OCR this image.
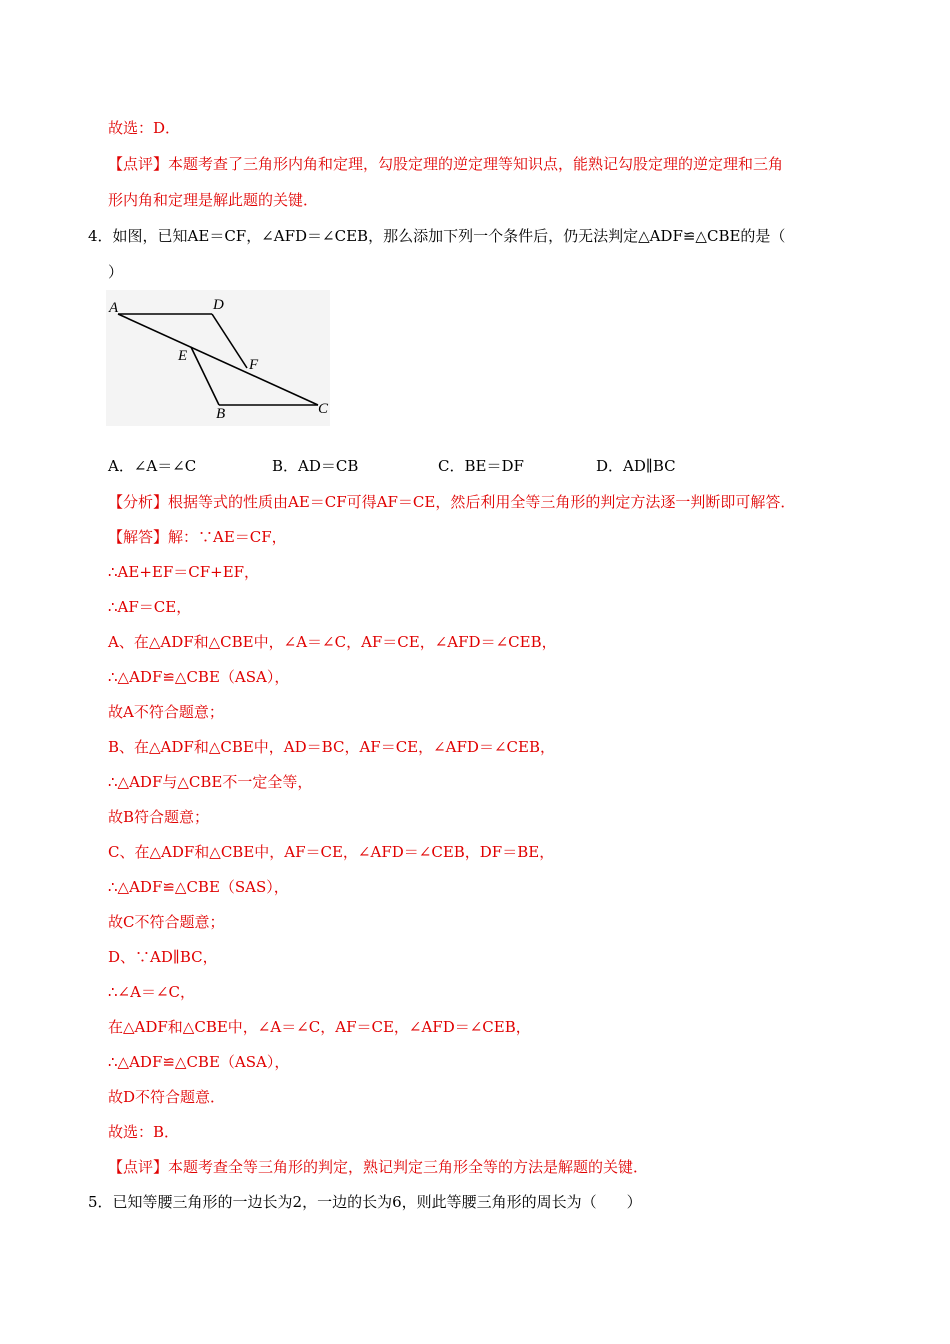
故选：D．
【点评】本题考查了三角形内角和定理，勾股定理的逆定理等知识点，能熟记勾股定理的逆定理和三角
形内角和定理是解此题的关键．
4．如图，已知AE＝CF，∠AFD＝∠CEB，那么添加下列一个条件后，仍无法判定△ADF≌△CBE的是（
）
A	D
E
F
B	C
A．∠A＝∠C	B．AD＝CB	C．BE＝DF	D．AD∥BC
【分析】根据等式的性质由AE＝CF可得AF＝CE，然后利用全等三角形的判定方法逐一判断即可解答．
【解答】解：∵AE＝CF，
∴AE+EF＝CF+EF，
∴AF＝CE，
A、在△ADF和△CBE中，∠A＝∠C，AF＝CE，∠AFD＝∠CEB，
∴△ADF≌△CBE（ASA），
故A不符合题意；
B、在△ADF和△CBE中，AD＝BC，AF＝CE，∠AFD＝∠CEB，
∴△ADF与△CBE不一定全等，
故B符合题意；
C、在△ADF和△CBE中，AF＝CE，∠AFD＝∠CEB，DF＝BE，
∴△ADF≌△CBE（SAS），
故C不符合题意；
D、∵AD∥BC，
∴∠A＝∠C，
在△ADF和△CBE中，∠A＝∠C，AF＝CE，∠AFD＝∠CEB，
∴△ADF≌△CBE（ASA），
故D不符合题意．
故选：B．
【点评】本题考查全等三角形的判定，熟记判定三角形全等的方法是解题的关键．
5．已知等腰三角形的一边长为2，一边的长为6，则此等腰三角形的周长为（　　）
